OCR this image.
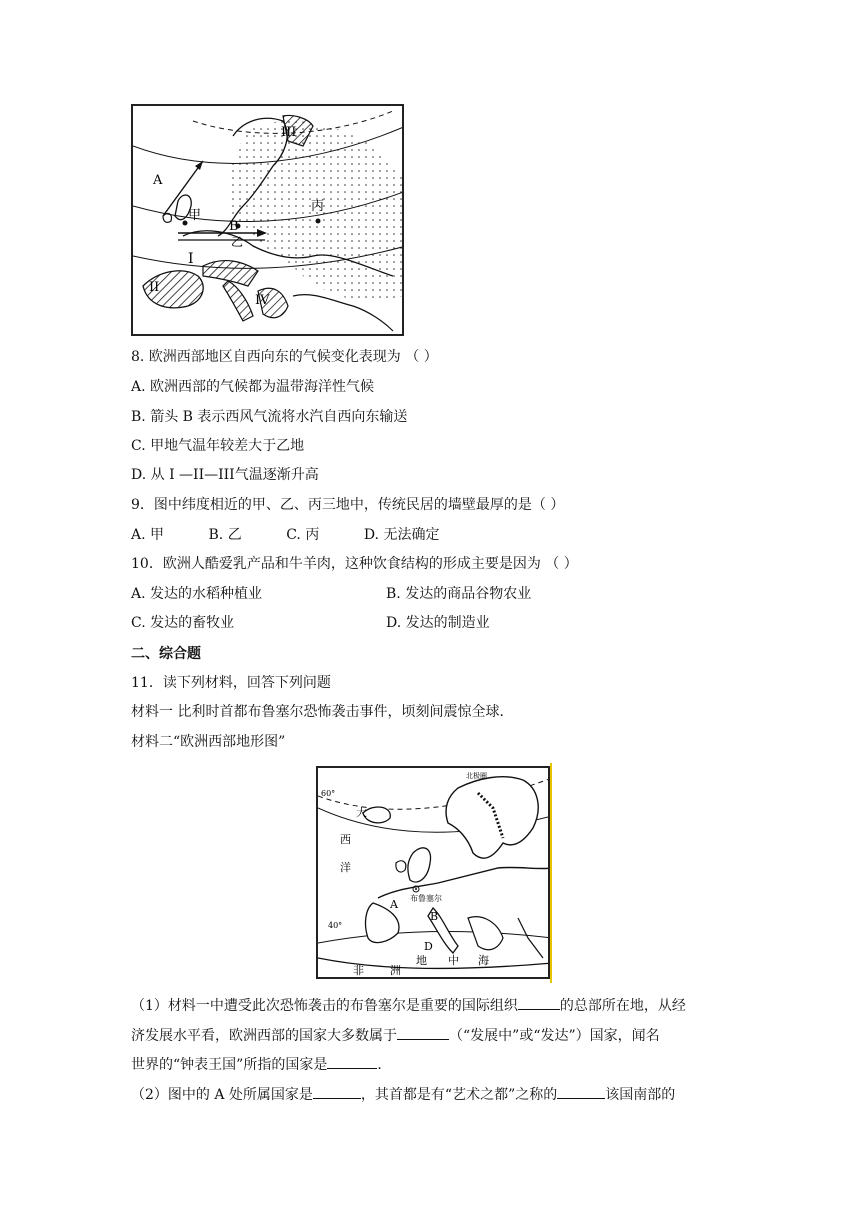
A
B
甲
乙
丙
I
II
III
IV
8. 欧洲西部地区自西向东的气候变化表现为 （ ）
A. 欧洲西部的气候都为温带海洋性气候
B. 箭头 B 表示西风气流将水汽自西向东输送
C. 甲地气温年较差大于乙地
D. 从 I —II—III气温逐渐升高
9．图中纬度相近的甲、乙、丙三地中，传统民居的墙壁最厚的是（ ）
A. 甲          B. 乙          C. 丙          D. 无法确定
10．欧洲人酷爱乳产品和牛羊肉，这种饮食结构的形成主要是因为 （ ）
A. 发达的水稻种植业	B. 发达的商品谷物农业
C. 发达的畜牧业	D. 发达的制造业
二、综合题
11．读下列材料，回答下列问题
材料一 比利时首都布鲁塞尔恐怖袭击事件，顷刻间震惊全球．
材料二“欧洲西部地形图”
北极圈
60°
40°
大
西
洋
A
B
D
布鲁塞尔
非 洲
地 中 海
（1）材料一中遭受此次恐怖袭击的布鲁塞尔是重要的国际组织	的总部所在地，从经
济发展水平看，欧洲西部的国家大多数属于	（“发展中”或“发达”）国家，闻名
世界的“钟表王国”所指的国家是	．
（2）图中的 A 处所属国家是	，其首都是有“艺术之都”之称的	该国南部的
